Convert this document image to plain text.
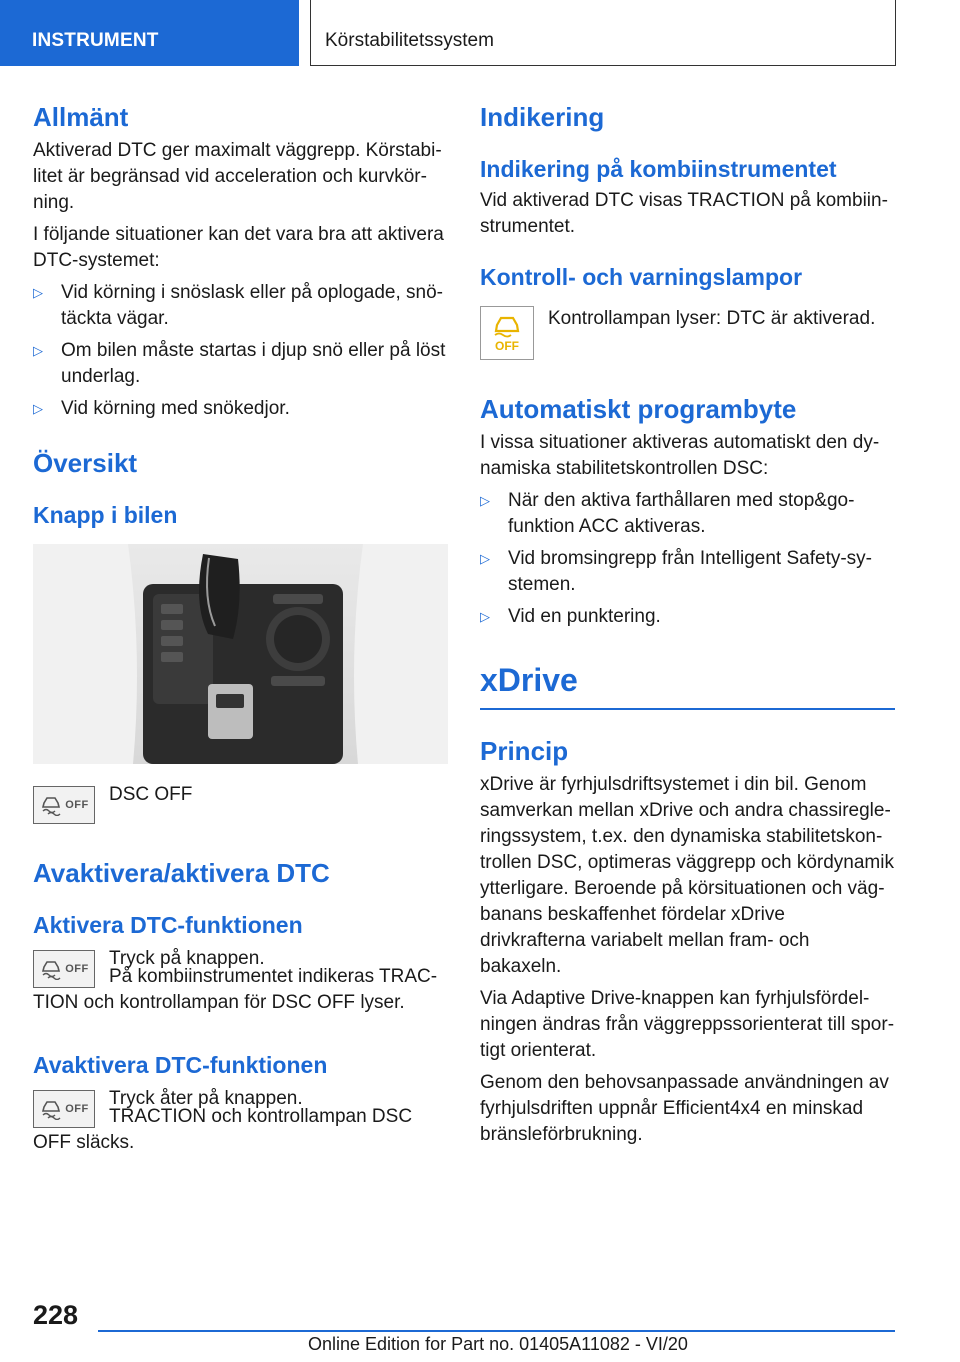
INSTRUMENT	Körstabilitetssystem
Allmänt

Aktiverad DTC ger maximalt väggrepp. Körstabilitet är begränsad vid acceleration och kurvkörning.

I följande situationer kan det vara bra att aktivera DTC-systemet:

▷ Vid körning i snöslask eller på oplogade, snötäckta vägar.
▷ Om bilen måste startas i djup snö eller på löst underlag.
▷ Vid körning med snökedjor.
Översikt
Knapp i bilen
OFF DSC OFF
Avaktivera/aktivera DTC
Aktivera DTC-funktionen
OFF Tryck på knappen.

På kombiinstrumentet indikeras TRACTION och kontrollampan för DSC OFF lyser.

Avaktivera DTC-funktionen
OFF Tryck åter på knappen.

TRACTION och kontrollampan DSC OFF släcks.

Indikering
Indikering på kombiinstrumentet

Vid aktiverad DTC visas TRACTION på kombiinstrumentet.

Kontroll- och varningslampor
OFF
Kontrollampan lyser: DTC är aktiverad.
Automatiskt programbyte

I vissa situationer aktiveras automatiskt den dynamiska stabilitetskontrollen DSC:

▷ När den aktiva farthållaren med stop&go-funktion ACC aktiveras.
▷ Vid bromsingrepp från Intelligent Safety-systemen.
▷ Vid en punktering.
xDrive
Princip

xDrive är fyrhjulsdriftsystemet i din bil. Genom samverkan mellan xDrive och andra chassiregleringssystem, t.ex. den dynamiska stabilitetskontrollen DSC, optimeras väggrepp och kördynamik ytterligare. Beroende på körsituationen och vägbanans beskaffenhet fördelar xDrive drivkrafterna variabelt mellan fram- och bakaxeln.

Via Adaptive Drive-knappen kan fyrhjulsfördelningen ändras från väggreppssorienterat till sportigt orienterat.

Genom den behovsanpassade användningen av fyrhjulsdriften uppnår Efficient4x4 en minskad bränsleförbrukning.

228
Online Edition for Part no. 01405A11082 - VI/20
